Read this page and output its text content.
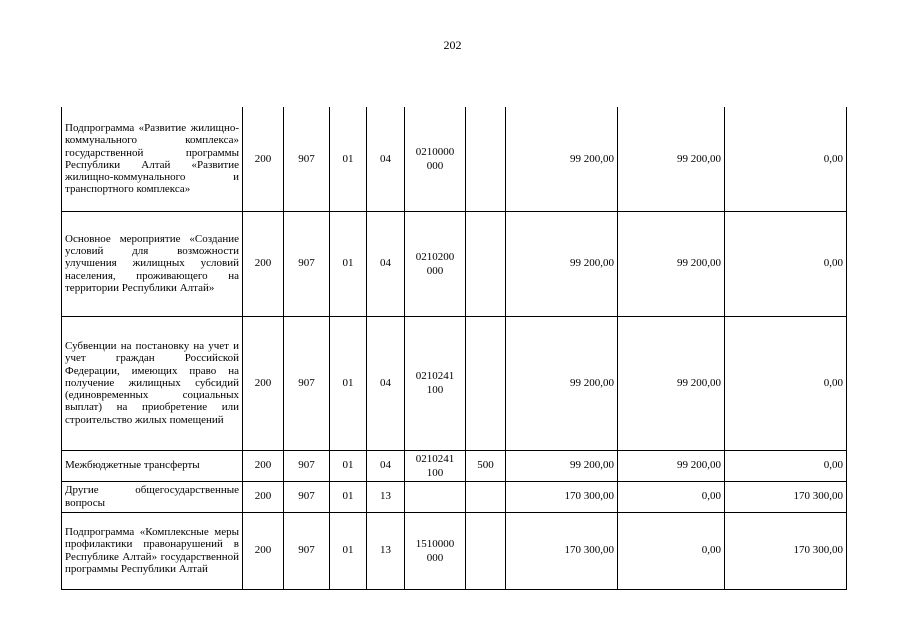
202
Подпрограмма «Развитие жилищно-коммунального комплекса» государственной программы Республики Алтай «Развитие жилищно-коммунального и транспортного комплекса»	200	907	01	04	0210000 000		99 200,00	99 200,00	0,00
Основное мероприятие «Создание условий для возможности улучшения жилищных условий населения, проживающего на территории Республики Алтай»	200	907	01	04	0210200 000		99 200,00	99 200,00	0,00
Субвенции на постановку на учет и учет граждан Российской Федерации, имеющих право на получение жилищных субсидий (единовременных социальных выплат) на приобретение или строительство жилых помещений	200	907	01	04	0210241 100		99 200,00	99 200,00	0,00
Межбюджетные трансферты	200	907	01	04	0210241 100	500	99 200,00	99 200,00	0,00
Другие общегосударственные вопросы	200	907	01	13			170 300,00	0,00	170 300,00
Подпрограмма «Комплексные меры профилактики правонарушений в Республике Алтай» государственной программы Республики Алтай	200	907	01	13	1510000 000		170 300,00	0,00	170 300,00
